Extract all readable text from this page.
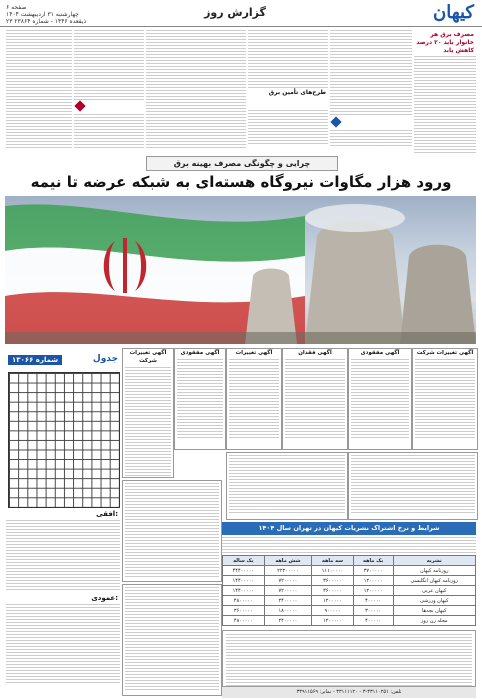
صفحه ۶
چهارشنبه ۳۱ اردیبهشت ۱۴۰۴
۲۳ ذیقعده ۱۴۴۶ - شماره ۲۳۸۶۴
گزارش روز	کیهان
طرح‌های تأمین برق
مصرف برق هر خانوار باید ۲۰ درصد کاهش یابد
چرایی و چگونگی مصرف بهینه برق
ورود هزار مگاوات نیروگاه هسته‌ای به شبکه عرضه تا نیمه
آگهی تغییرات شرکت
آگهی مفقودی	آگهی تغییرات	آگهی فقدان	آگهی مفقودی	آگهی تغییرات شرکت
شماره ۱۳۰۶۶	جدول
افقی:
عمودی:
شرایط و نرخ اشتراک نشریات کیهان در تهران سال ۱۴۰۴
یک ساله	شش ماهه	سه ماهه	یک ماهه	نشریه
۴۴۴۰۰۰۰۰	۲۲۲۰۰۰۰۰	۱۱۱۰۰۰۰۰	۳۷۰۰۰۰۰	روزنامه کیهان
۱۴۴۰۰۰۰۰	۷۲۰۰۰۰۰	۳۶۰۰۰۰۰	۱۲۰۰۰۰۰	روزنامه کیهان انگلیسی
۱۴۴۰۰۰۰۰	۷۲۰۰۰۰۰	۳۶۰۰۰۰۰	۱۲۰۰۰۰۰	کیهان عربی
۴۸۰۰۰۰۰	۲۴۰۰۰۰۰	۱۲۰۰۰۰۰	۴۰۰۰۰۰	کیهان ورزشی
۳۶۰۰۰۰۰	۱۸۰۰۰۰۰	۹۰۰۰۰۰	۳۰۰۰۰۰	کیهان بچه‌ها
۴۸۰۰۰۰۰	۲۴۰۰۰۰۰	۱۲۰۰۰۰۰	۴۰۰۰۰۰	مجله زن روز
تلفن: ۳۳۱۱۰۲۵۱-۳ - ۳۳۱۱۱۱۲۰ - نمابر: ۳۳۹۱۱۵۶۹
